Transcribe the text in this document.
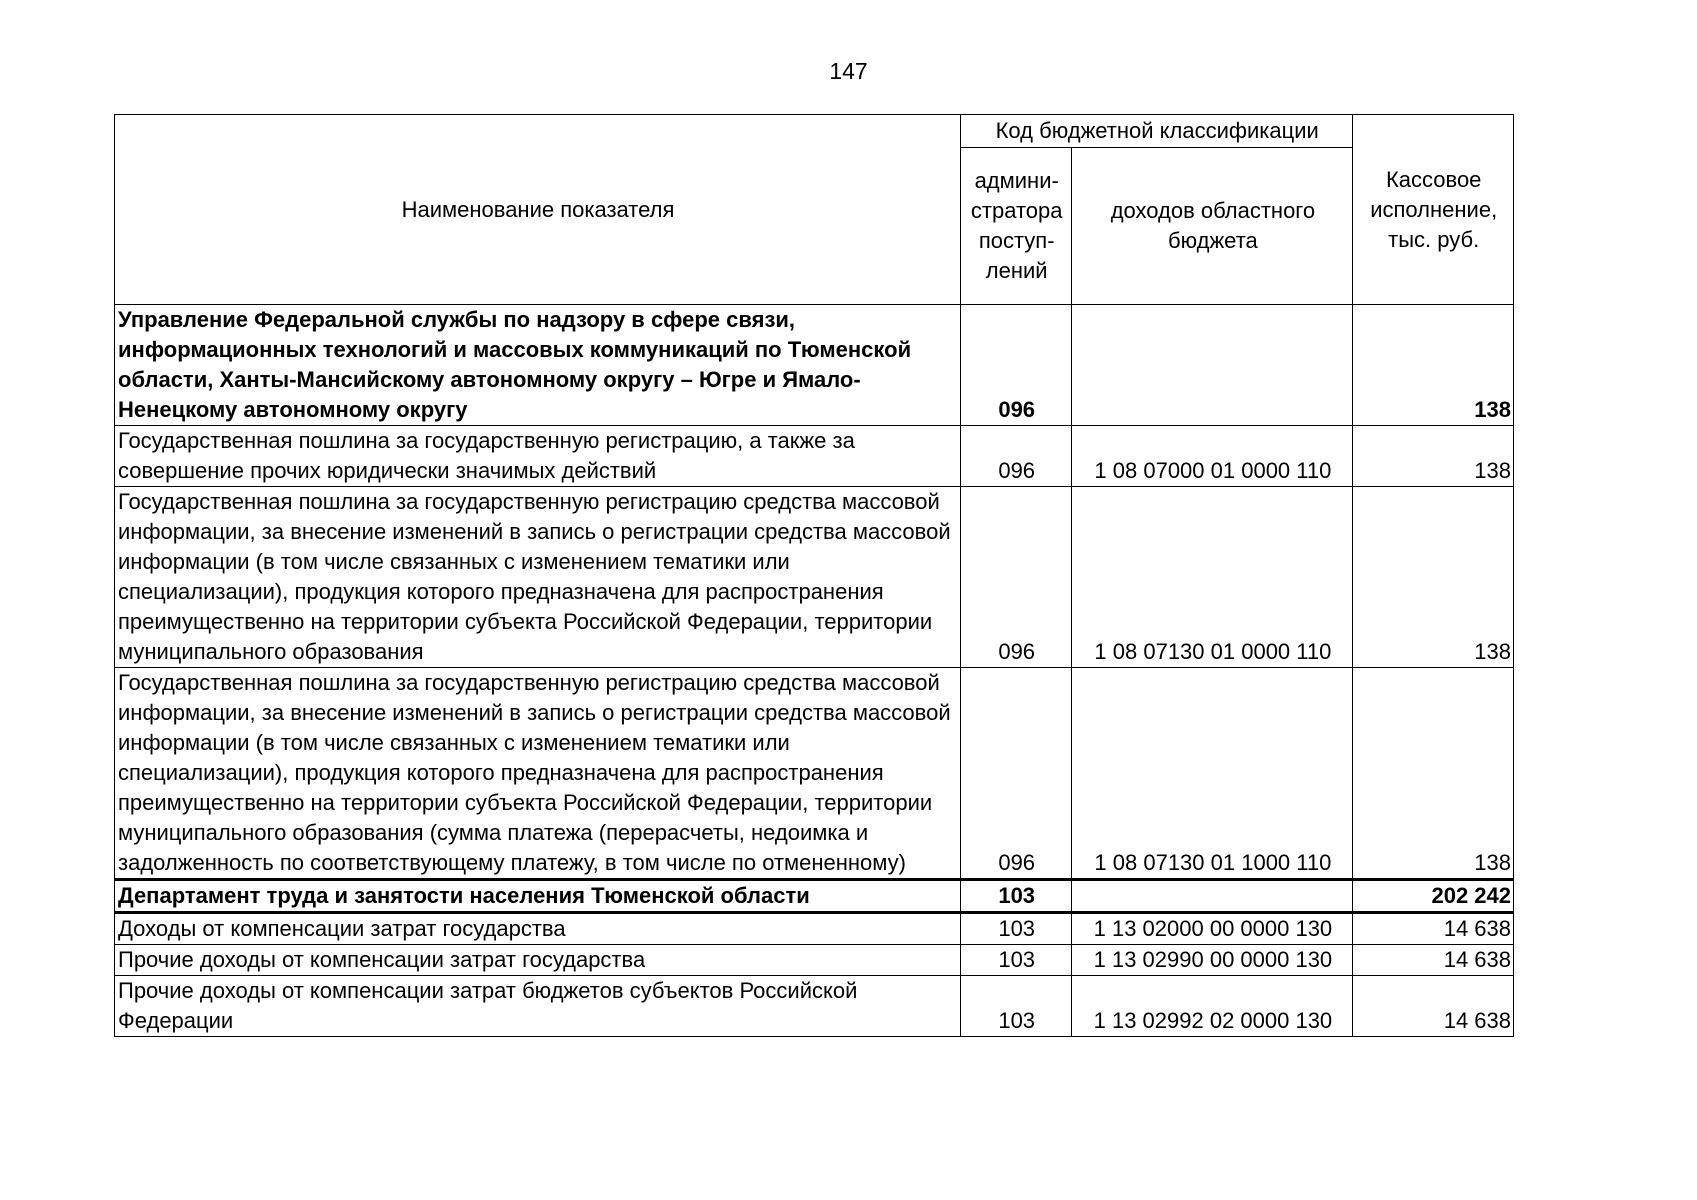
147
Наименование показателя	Код бюджетной классификации		Кассовое исполнение, тыс. руб.
	админи-стратора поступ-лений	доходов областного бюджета	
Управление Федеральной службы по надзору в сфере связи, информационных технологий и массовых коммуникаций по Тюменской области, Ханты-Мансийскому автономному округу – Югре и Ямало-Ненецкому автономному округу	096		138
Государственная пошлина за государственную регистрацию, а также за совершение прочих юридически значимых действий	096	1 08 07000 01 0000 110	138
Государственная пошлина за государственную регистрацию средства массовой информации, за внесение изменений в запись о регистрации средства массовой информации (в том числе связанных с изменением тематики или специализации), продукция которого предназначена для распространения преимущественно на территории субъекта Российской Федерации, территории муниципального образования	096	1 08 07130 01 0000 110	138
Государственная пошлина за государственную регистрацию средства массовой информации, за внесение изменений в запись о регистрации средства массовой информации (в том числе связанных с изменением тематики или специализации), продукция которого предназначена для распространения преимущественно на территории субъекта Российской Федерации, территории муниципального образования (сумма платежа (перерасчеты, недоимка и задолженность по соответствующему платежу, в том числе по отмененному)	096	1 08 07130 01 1000 110	138
Департамент труда и занятости населения Тюменской области	103		202 242
Доходы от компенсации затрат государства	103	1 13 02000 00 0000 130	14 638
Прочие доходы от компенсации затрат государства	103	1 13 02990 00 0000 130	14 638
Прочие доходы от компенсации затрат бюджетов субъектов Российской Федерации	103	1 13 02992 02 0000 130	14 638
